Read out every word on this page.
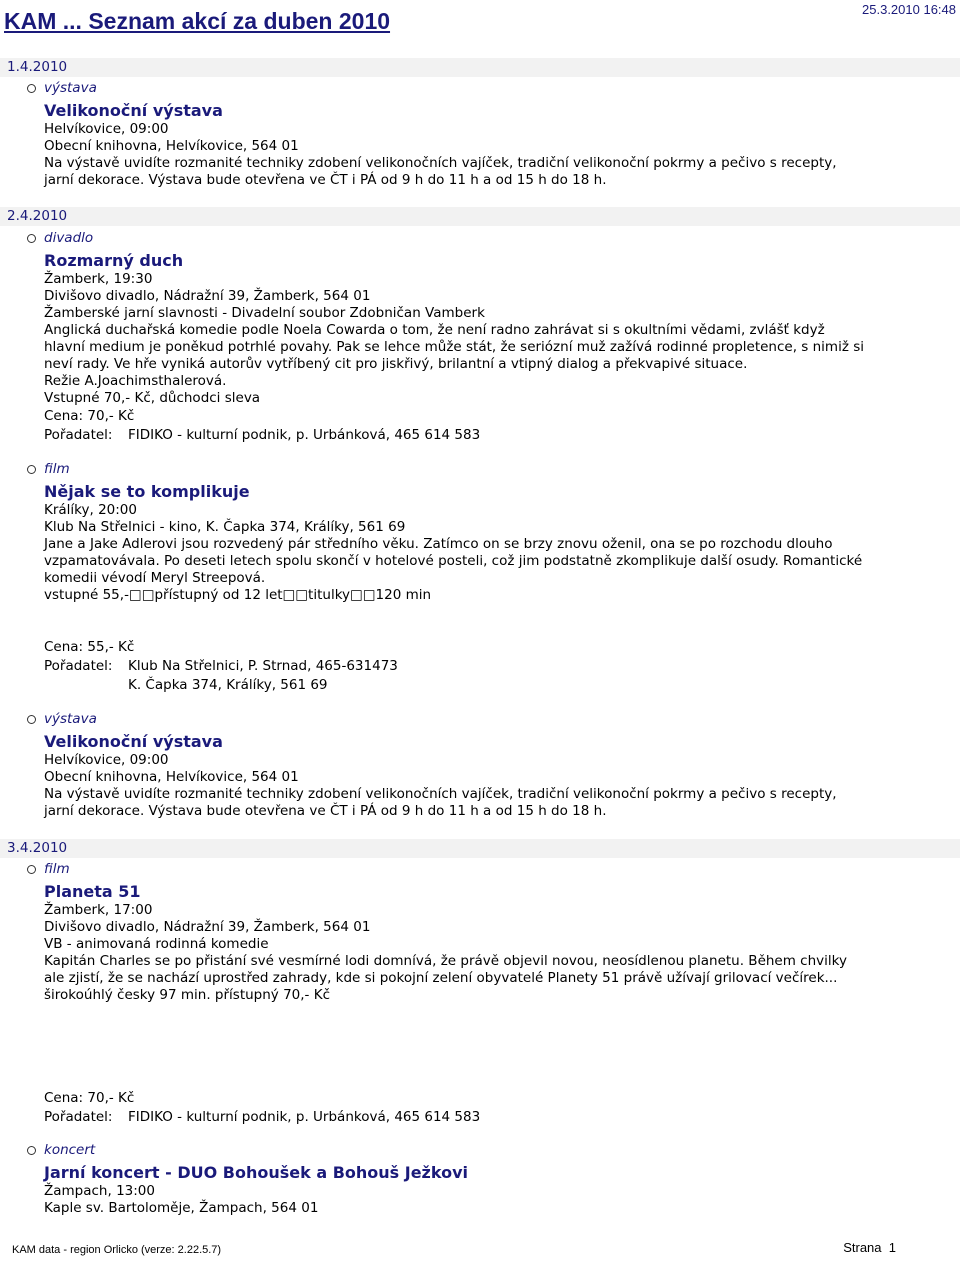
KAM ... Seznam akcí za duben 2010	25.3.2010 16:48
1.4.2010
výstava
Velikonoční výstava
Helvíkovice, 09:00
Obecní knihovna, Helvíkovice, 564 01
Na výstavě uvidíte rozmanité techniky zdobení velikonočních vajíček, tradiční velikonoční pokrmy a pečivo s recepty,
jarní dekorace. Výstava bude otevřena ve ČT i PÁ od 9 h do 11 h a od 15 h do 18 h.
2.4.2010
divadlo
Rozmarný duch
Žamberk, 19:30
Divišovo divadlo, Nádražní 39, Žamberk, 564 01
Žamberské jarní slavnosti - Divadelní soubor Zdobničan Vamberk
Anglická duchařská komedie podle Noela Cowarda o tom, že není radno zahrávat si s okultními vědami, zvlášť když
hlavní medium je poněkud potrhlé povahy. Pak se lehce může stát, že seriózní muž zažívá rodinné propletence, s nimiž si
neví rady. Ve hře vyniká autorův vytříbený cit pro jiskřivý, brilantní a vtipný dialog a překvapivé situace.
Režie A.Joachimsthalerová.
Vstupné 70,- Kč, důchodci sleva
Cena: 70,- Kč
Pořadatel:	FIDIKO - kulturní podnik, p. Urbánková, 465 614 583
film
Nějak se to komplikuje
Králíky, 20:00
Klub Na Střelnici - kino, K. Čapka 374, Králíky, 561 69
Jane a Jake Adlerovi jsou rozvedený pár středního věku. Zatímco on se brzy znovu oženil, ona se po rozchodu dlouho
vzpamatovávala. Po deseti letech spolu skončí v hotelové posteli, což jim podstatně zkomplikuje další osudy. Romantické
komedii vévodí Meryl Streepová.
vstupné 55,-□□přístupný od 12 let□□titulky□□120 min
Cena: 55,- Kč
Pořadatel:	Klub Na Střelnici, P. Strnad, 465-631473
K. Čapka 374, Králíky, 561 69
výstava
Velikonoční výstava
Helvíkovice, 09:00
Obecní knihovna, Helvíkovice, 564 01
Na výstavě uvidíte rozmanité techniky zdobení velikonočních vajíček, tradiční velikonoční pokrmy a pečivo s recepty,
jarní dekorace. Výstava bude otevřena ve ČT i PÁ od 9 h do 11 h a od 15 h do 18 h.
3.4.2010
film
Planeta 51
Žamberk, 17:00
Divišovo divadlo, Nádražní 39, Žamberk, 564 01
VB - animovaná rodinná komedie
Kapitán Charles se po přistání své vesmírné lodi domnívá, že právě objevil novou, neosídlenou planetu. Během chvilky
ale zjistí, že se nachází uprostřed zahrady, kde si pokojní zelení obyvatelé Planety 51 právě užívají grilovací večírek...
širokoúhlý česky 97 min. přístupný 70,- Kč
Cena: 70,- Kč
Pořadatel:	FIDIKO - kulturní podnik, p. Urbánková, 465 614 583
koncert
Jarní koncert - DUO Bohoušek a Bohouš Ježkovi
Žampach, 13:00
Kaple sv. Bartoloměje, Žampach, 564 01
KAM data - region Orlicko (verze: 2.22.5.7)	Strana 1
